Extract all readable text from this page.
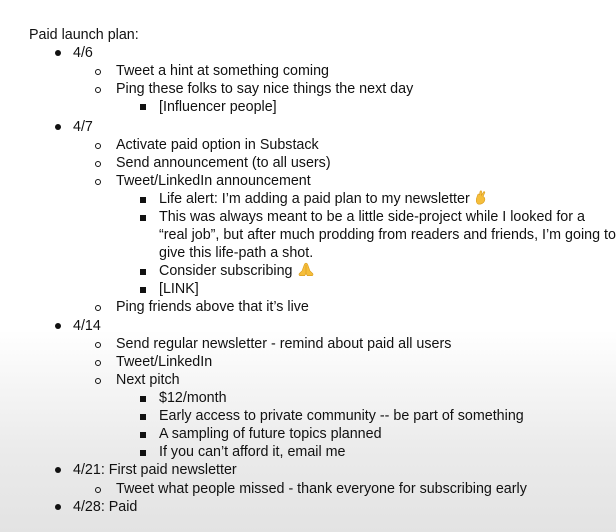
Paid launch plan:
4/6
Tweet a hint at something coming
Ping these folks to say nice things the next day
[Influencer people]
4/7
Activate paid option in Substack
Send announcement (to all users)
Tweet/LinkedIn announcement
Life alert: I’m adding a paid plan to my newsletter
This was always meant to be a little side-project while I looked for a
“real job”, but after much prodding from readers and friends, I’m going to
give this life-path a shot.
Consider subscribing
[LINK]
Ping friends above that it’s live
4/14
Send regular newsletter - remind about paid all users
Tweet/LinkedIn
Next pitch
$12/month
Early access to private community -- be part of something
A sampling of future topics planned
If you can’t afford it, email me
4/21: First paid newsletter
Tweet what people missed - thank everyone for subscribing early
4/28: Paid
